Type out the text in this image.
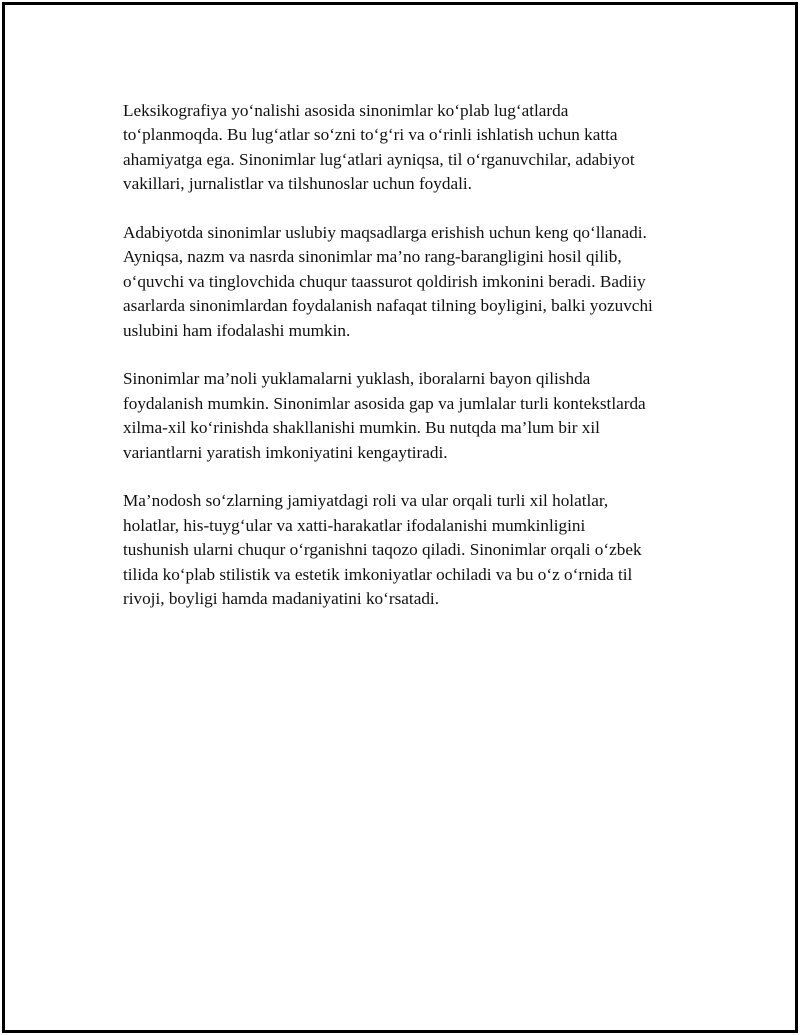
Leksikografiya yo‘nalishi asosida sinonimlar ko‘plab lug‘atlarda
to‘planmoqda. Bu lug‘atlar so‘zni to‘g‘ri va o‘rinli ishlatish uchun katta
ahamiyatga ega. Sinonimlar lug‘atlari ayniqsa, til o‘rganuvchilar, adabiyot
vakillari, jurnalistlar va tilshunoslar uchun foydali.

Adabiyotda sinonimlar uslubiy maqsadlarga erishish uchun keng qo‘llanadi.
Ayniqsa, nazm va nasrda sinonimlar ma’no rang-barangligini hosil qilib,
o‘quvchi va tinglovchida chuqur taassurot qoldirish imkonini beradi. Badiiy
asarlarda sinonimlardan foydalanish nafaqat tilning boyligini, balki yozuvchi
uslubini ham ifodalashi mumkin.

Sinonimlar ma’noli yuklamalarni yuklash, iboralarni bayon qilishda
foydalanish mumkin. Sinonimlar asosida gap va jumlalar turli kontekstlarda
xilma-xil ko‘rinishda shakllanishi mumkin. Bu nutqda ma’lum bir xil
variantlarni yaratish imkoniyatini kengaytiradi.

Ma’nodosh so‘zlarning jamiyatdagi roli va ular orqali turli xil holatlar,
holatlar, his-tuyg‘ular va xatti-harakatlar ifodalanishi mumkinligini
tushunish ularni chuqur o‘rganishni taqozo qiladi. Sinonimlar orqali o‘zbek
tilida ko‘plab stilistik va estetik imkoniyatlar ochiladi va bu o‘z o‘rnida til
rivoji, boyligi hamda madaniyatini ko‘rsatadi.
